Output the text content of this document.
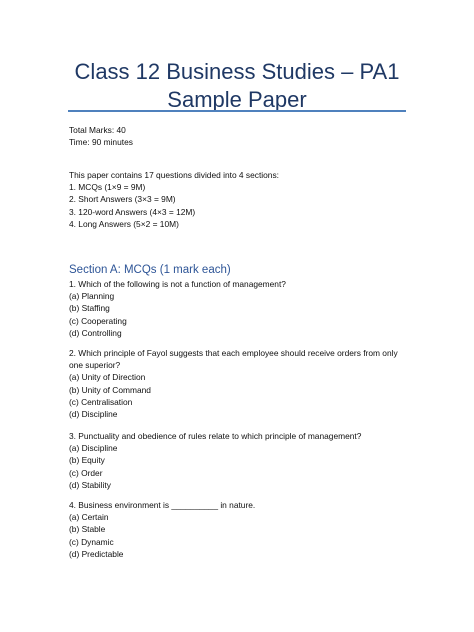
Class 12 Business Studies – PA1 Sample Paper
Total Marks: 40
Time: 90 minutes
This paper contains 17 questions divided into 4 sections:
1. MCQs (1×9 = 9M)
2. Short Answers (3×3 = 9M)
3. 120-word Answers (4×3 = 12M)
4. Long Answers (5×2 = 10M)
Section A: MCQs (1 mark each)
1. Which of the following is not a function of management?
(a) Planning
(b) Staffing
(c) Cooperating
(d) Controlling
2. Which principle of Fayol suggests that each employee should receive orders from only one superior?
(a) Unity of Direction
(b) Unity of Command
(c) Centralisation
(d) Discipline
3. Punctuality and obedience of rules relate to which principle of management?
(a) Discipline
(b) Equity
(c) Order
(d) Stability
4. Business environment is __________ in nature.
(a) Certain
(b) Stable
(c) Dynamic
(d) Predictable
